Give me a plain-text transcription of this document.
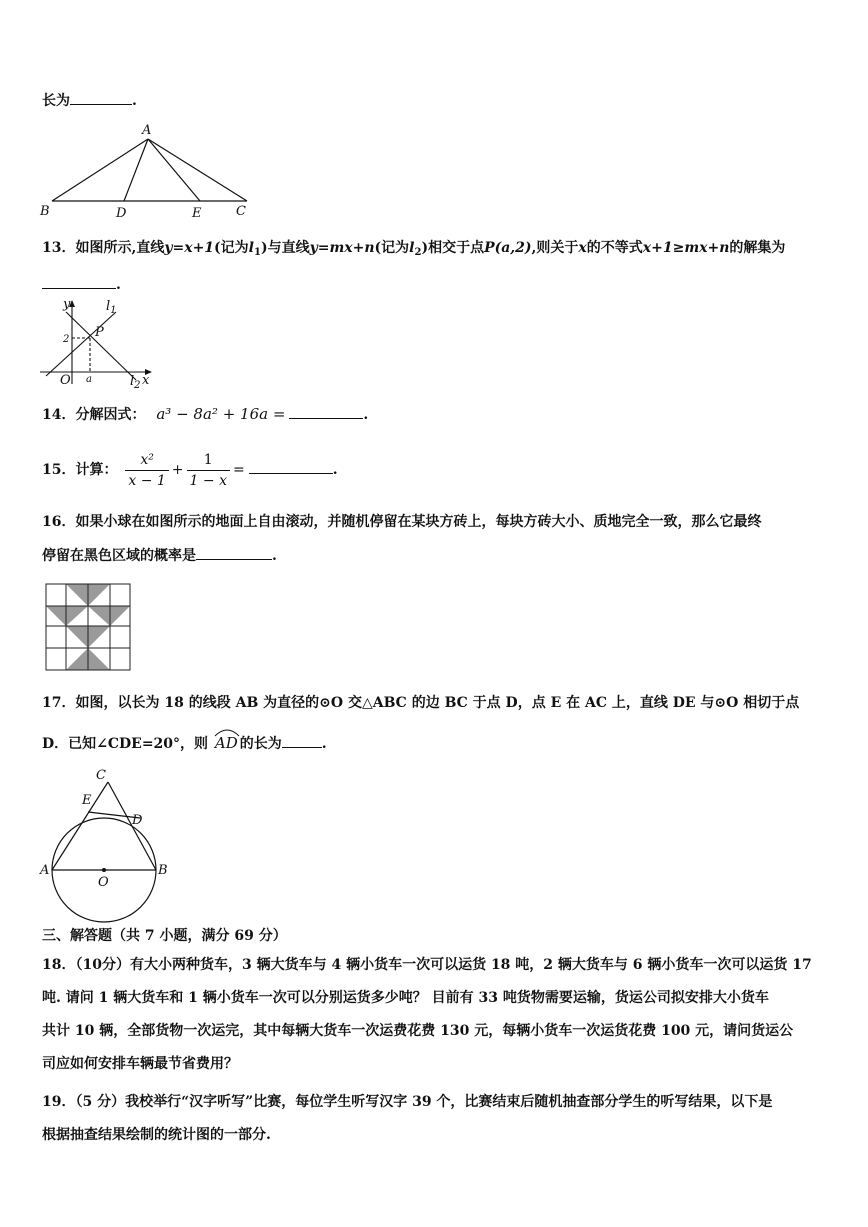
长为	.
A
B	D	E	C
13．如图所示,直线y=x+1(记为$l_1$)与直线y=mx+n(记为$l_2$)相交于点P(a,2),则关于x的不等式x+1≥mx+n的解集为
.
y
x
O a
2 P
$l_1$
$l_2$
14．分解因式： a³ − 8a² + 16a =	.
15．计算： $\frac{\text{x²}}{x - 1} + \frac{1}{1 - x}$ =	.
16．如果小球在如图所示的地面上自由滚动，并随机停留在某块方砖上，每块方砖大小、质地完全一致，那么它最终
停留在黑色区域的概率是	.
17．如图，以长为 18 的线段 AB 为直径的⊙O 交△ABC 的边 BC 于点 D，点 E 在 AC 上，直线 DE 与⊙O 相切于点
D．已知∠CDE=20°，则 AD 的长为	.
C
E
D
A	B
O
三、解答题（共 7 小题，满分 69 分）
18．（10分）有大小两种货车，3 辆大货车与 4 辆小货车一次可以运货 18 吨，2 辆大货车与 6 辆小货车一次可以运货 17
吨. 请问 1 辆大货车和 1 辆小货车一次可以分别运货多少吨？ 目前有 33 吨货物需要运输，货运公司拟安排大小货车
共计 10 辆，全部货物一次运完，其中每辆大货车一次运费花费 130 元，每辆小货车一次运货花费 100 元，请问货运公
司应如何安排车辆最节省费用？
19．（5 分）我校举行“汉字听写”比赛，每位学生听写汉字 39 个，比赛结束后随机抽查部分学生的听写结果，以下是
根据抽查结果绘制的统计图的一部分.
